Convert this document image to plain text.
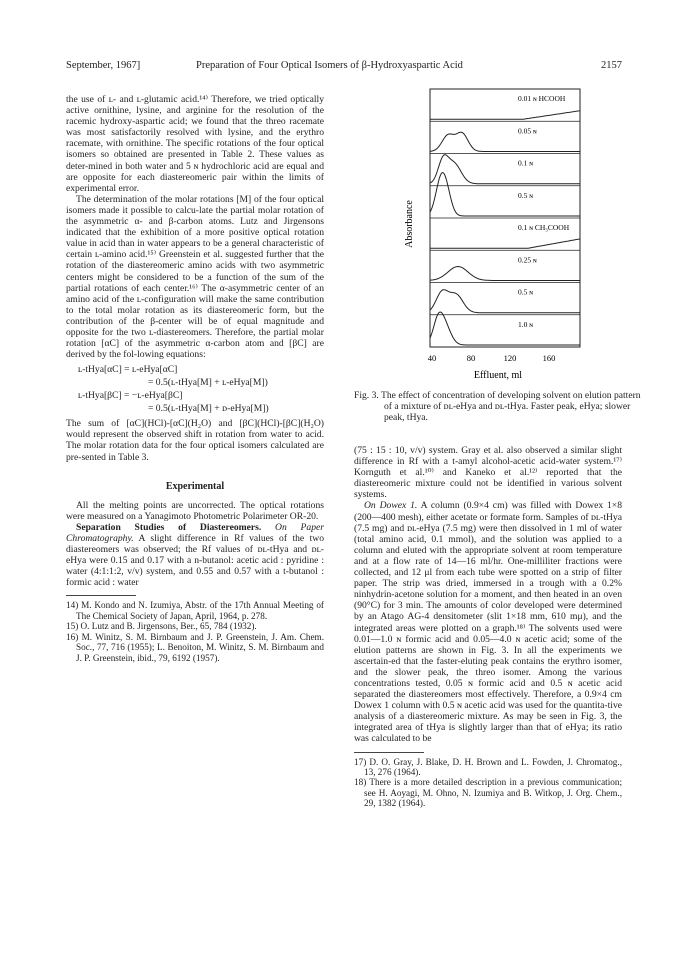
September, 1967]	Preparation of Four Optical Isomers of β-Hydroxyaspartic Acid	2157

the use of ʟ- and ʟ-glutamic acid.¹⁴⁾ Therefore, we tried optically active ornithine, lysine, and arginine for the resolution of the racemic hydroxy-aspartic acid; we found that the threo racemate was most satisfactorily resolved with lysine, and the erythro racemate, with ornithine. The specific rotations of the four optical isomers so obtained are presented in Table 2. These values as deter-mined in both water and 5 ɴ hydrochloric acid are equal and are opposite for each diastereomeric pair within the limits of experimental error.

The determination of the molar rotations [M] of the four optical isomers made it possible to calcu-late the partial molar rotation of the asymmetric α- and β-carbon atoms. Lutz and Jirgensons indicated that the exhibition of a more positive optical rotation value in acid than in water appears to be a general characteristic of certain ʟ-amino acid.¹⁵⁾ Greenstein et al. suggested further that the rotation of the diastereomeric amino acids with two asymmetric centers might be considered to be a function of the sum of the partial rotations of each center.¹⁶⁾ The α-asymmetric center of an amino acid of the ʟ-configuration will make the same contribution to the total molar rotation as its diastereomeric form, but the contribution of the β-center will be of equal magnitude and opposite for the two ʟ-diastereomers. Therefore, the partial molar rotation [αC] of the asymmetric α-carbon atom and [βC] are derived by the fol-lowing equations:

ʟ-tHya[αC] = ʟ-eHya[αC]
= 0.5(ʟ-tHya[M] + ʟ-eHya[M])
ʟ-tHya[βC] = −ʟ-eHya[βC]
= 0.5(ʟ-tHya[M] + ᴅ-eHya[M])

The sum of [αC](HCl)-[αC](H₂O) and [βC](HCl)-[βC](H₂O) would represent the observed shift in rotation from water to acid. The molar rotation data for the four optical isomers calculated are pre-sented in Table 3.

Experimental

All the melting points are uncorrected. The optical rotations were measured on a Yanagimoto Photometric Polarimeter OR-20.

Separation Studies of Diastereomers. On Paper Chromatography. A slight difference in Rf values of the two diastereomers was observed; the Rf values of ᴅʟ-tHya and ᴅʟ-eHya were 0.15 and 0.17 with a n-butanol: acetic acid : pyridine : water (4:1:1:2, v/v) system, and 0.55 and 0.57 with a t-butanol : formic acid : water

14) M. Kondo and N. Izumiya, Abstr. of the 17th Annual Meeting of The Chemical Society of Japan, April, 1964, p. 278.

15) O. Lutz and B. Jirgensons, Ber., 65, 784 (1932).

16) M. Winitz, S. M. Birnbaum and J. P. Greenstein, J. Am. Chem. Soc., 77, 716 (1955); L. Benoiton, M. Winitz, S. M. Birnbaum and J. P. Greenstein, ibid., 79, 6192 (1957).

0.01 ɴ HCOOH
0.05 ɴ
0.1 ɴ
0.5 ɴ
0.1 ɴ CH₃COOH
0.25 ɴ
0.5 ɴ
1.0 ɴ
Absorbance
40	80	120	160
Effluent, ml

Fig. 3. The effect of concentration of developing solvent on elution pattern of a mixture of ᴅʟ-eHya and ᴅʟ-tHya. Faster peak, eHya; slower peak, tHya.

(75 : 15 : 10, v/v) system. Gray et al. also observed a similar slight difference in Rf with a t-amyl alcohol-acetic acid-water system.¹⁷⁾ Kornguth et al.¹⁰⁾ and Kaneko et al.¹²⁾ reported that the diastereomeric mixture could not be identified in various solvent systems.

On Dowex 1. A column (0.9×4 cm) was filled with Dowex 1×8 (200—400 mesh), either acetate or formate form. Samples of ᴅʟ-tHya (7.5 mg) and ᴅʟ-eHya (7.5 mg) were then dissolved in 1 ml of water (total amino acid, 0.1 mmol), and the solution was applied to a column and eluted with the appropriate solvent at room temperature and at a flow rate of 14—16 ml/hr. One-milliliter fractions were collected, and 12 μl from each tube were spotted on a strip of filter paper. The strip was dried, immersed in a trough with a 0.2% ninhydrin-acetone solution for a moment, and then heated in an oven (90°C) for 3 min. The amounts of color developed were determined by an Atago AG-4 densitometer (slit 1×18 mm, 610 mμ), and the integrated areas were plotted on a graph.¹⁸⁾ The solvents used were 0.01—1.0 ɴ formic acid and 0.05—4.0 ɴ acetic acid; some of the elution patterns are shown in Fig. 3. In all the experiments we ascertain-ed that the faster-eluting peak contains the erythro isomer, and the slower peak, the threo isomer. Among the various concentrations tested, 0.05 ɴ formic acid and 0.5 ɴ acetic acid separated the diastereomers most effectively. Therefore, a 0.9×4 cm Dowex 1 column with 0.5 ɴ acetic acid was used for the quantita-tive analysis of a diastereomeric mixture. As may be seen in Fig. 3, the integrated area of tHya is slightly larger than that of eHya; its ratio was calculated to be

17) D. O. Gray, J. Blake, D. H. Brown and L. Fowden, J. Chromatog., 13, 276 (1964).

18) There is a more detailed description in a previous communication; see H. Aoyagi, M. Ohno, N. Izumiya and B. Witkop, J. Org. Chem., 29, 1382 (1964).
